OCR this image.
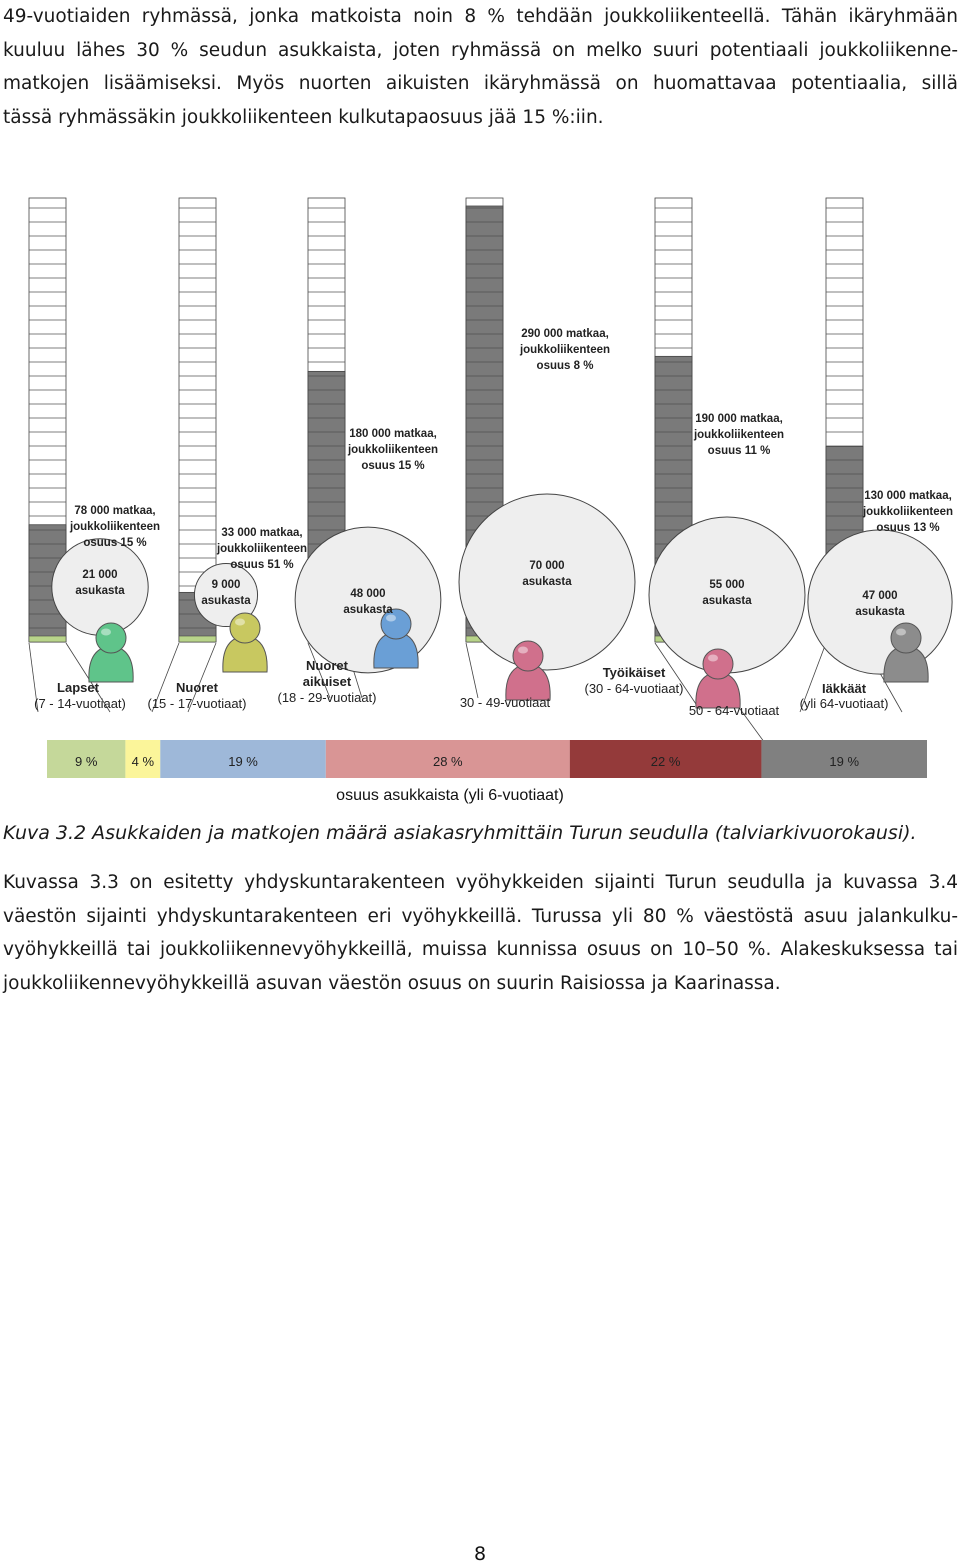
49-vuotiaiden ryhmässä, jonka matkoista noin 8 % tehdään joukkoliikenteellä. Tähän ikäryhmään
kuuluu lähes 30 % seudun asukkaista, joten ryhmässä on melko suuri potentiaali joukkoliikenne-
matkojen lisäämiseksi. Myös nuorten aikuisten ikäryhmässä on huomattavaa potentiaalia, sillä
tässä ryhmässäkin joukkoliikenteen kulkutapaosuus jää 15 %:iin.
21 000
asukasta
78 000 matkaa,
joukkoliikenteen
osuus 15 %
9 000
asukasta
33 000 matkaa,
joukkoliikenteen
osuus 51 %
48 000
asukasta
180 000 matkaa,
joukkoliikenteen
osuus 15 %
70 000
asukasta
290 000 matkaa,
joukkoliikenteen
osuus 8 %
55 000
asukasta
190 000 matkaa,
joukkoliikenteen
osuus 11 %
47 000
asukasta
130 000 matkaa,
joukkoliikenteen
osuus 13 %
Lapset
(7 - 14-vuotiaat)
Nuoret
(15 - 17-vuotiaat)
Nuoret
aikuiset
(18 - 29-vuotiaat)	30 - 49-vuotiaat
50 - 64-vuotiaat
Iäkkäät
(yli 64-vuotiaat)
Työikäiset
(30 - 64-vuotiaat)
9 %	4 %	19 %	28 %	22 %	19 %
osuus asukkaista (yli 6-vuotiaat)

Kuva 3.2 Asukkaiden ja matkojen määrä asiakasryhmittäin Turun seudulla (talviarkivuorokausi).

Kuvassa 3.3 on esitetty yhdyskuntarakenteen vyöhykkeiden sijainti Turun seudulla ja kuvassa 3.4
väestön sijainti yhdyskuntarakenteen eri vyöhykkeillä. Turussa yli 80 % väestöstä asuu jalankulku-
vyöhykkeillä tai joukkoliikennevyöhykkeillä, muissa kunnissa osuus on 10–50 %. Alakeskuksessa tai
joukkoliikennevyöhykkeillä asuvan väestön osuus on suurin Raisiossa ja Kaarinassa.
8
